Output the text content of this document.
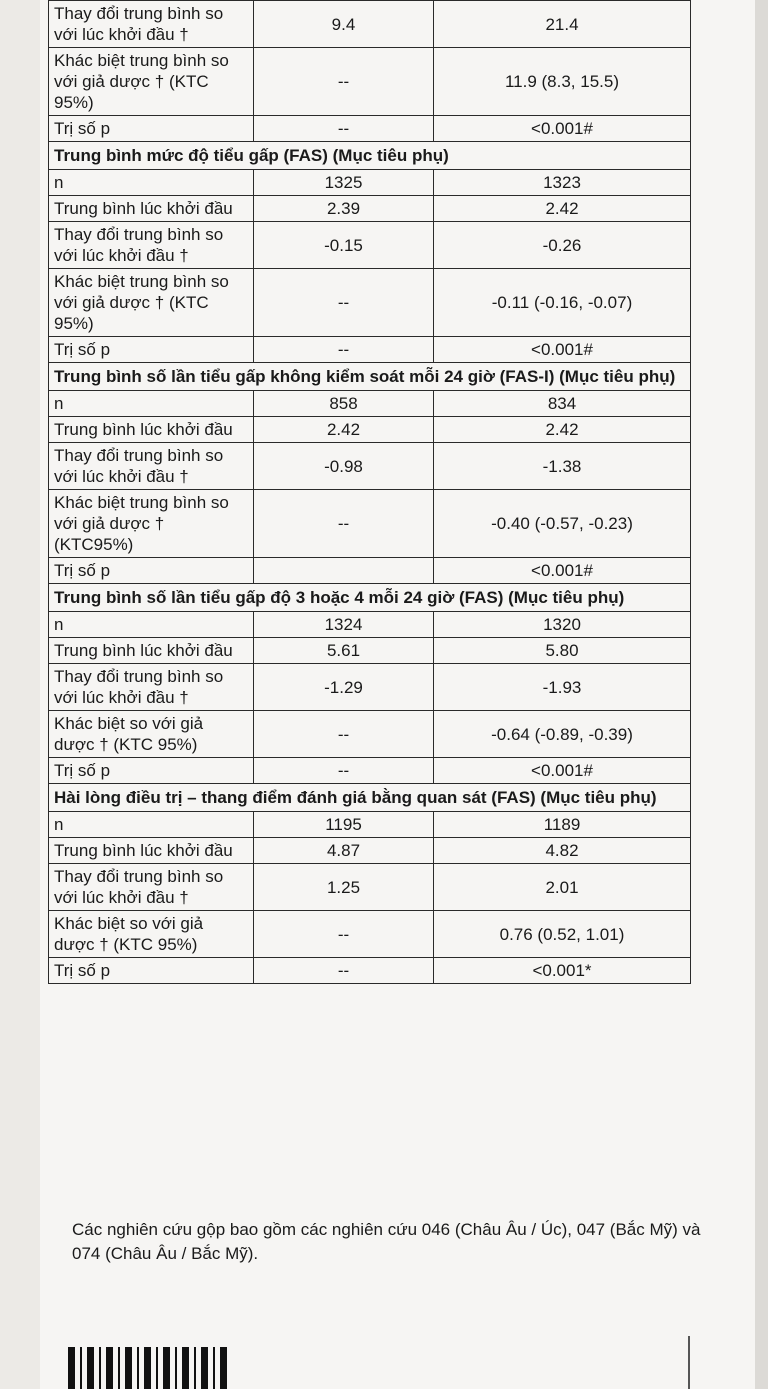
Thay đổi trung bình so với lúc khởi đầu †	9.4	21.4
Khác biệt trung bình so với giả dược † (KTC 95%)	--	11.9 (8.3, 15.5)
Trị số p	--	<0.001#
Trung bình mức độ tiểu gấp (FAS) (Mục tiêu phụ)		
n	1325	1323
Trung bình lúc khởi đầu	2.39	2.42
Thay đổi trung bình so với lúc khởi đầu †	-0.15	-0.26
Khác biệt trung bình so với giả dược † (KTC 95%)	--	-0.11 (-0.16, -0.07)
Trị số p	--	<0.001#
Trung bình số lần tiểu gấp không kiểm soát mỗi 24 giờ (FAS-I) (Mục tiêu phụ)		
n	858	834
Trung bình lúc khởi đầu	2.42	2.42
Thay đổi trung bình so với lúc khởi đầu †	-0.98	-1.38
Khác biệt trung bình so với giả dược † (KTC95%)	--	-0.40 (-0.57, -0.23)
Trị số p		<0.001#
Trung bình số lần tiểu gấp độ 3 hoặc 4 mỗi 24 giờ (FAS) (Mục tiêu phụ)		
n	1324	1320
Trung bình lúc khởi đầu	5.61	5.80
Thay đổi trung bình so với lúc khởi đầu †	-1.29	-1.93
Khác biệt so với giả dược † (KTC 95%)	--	-0.64 (-0.89, -0.39)
Trị số p	--	<0.001#
Hài lòng điều trị – thang điểm đánh giá bằng quan sát (FAS) (Mục tiêu phụ)		
n	1195	1189
Trung bình lúc khởi đầu	4.87	4.82
Thay đổi trung bình so với lúc khởi đầu †	1.25	2.01
Khác biệt so với giả dược † (KTC 95%)	--	0.76 (0.52, 1.01)
Trị số p	--	<0.001*

Các nghiên cứu gộp bao gồm các nghiên cứu 046 (Châu Âu / Úc), 047 (Bắc Mỹ) và 074 (Châu Âu / Bắc Mỹ).
